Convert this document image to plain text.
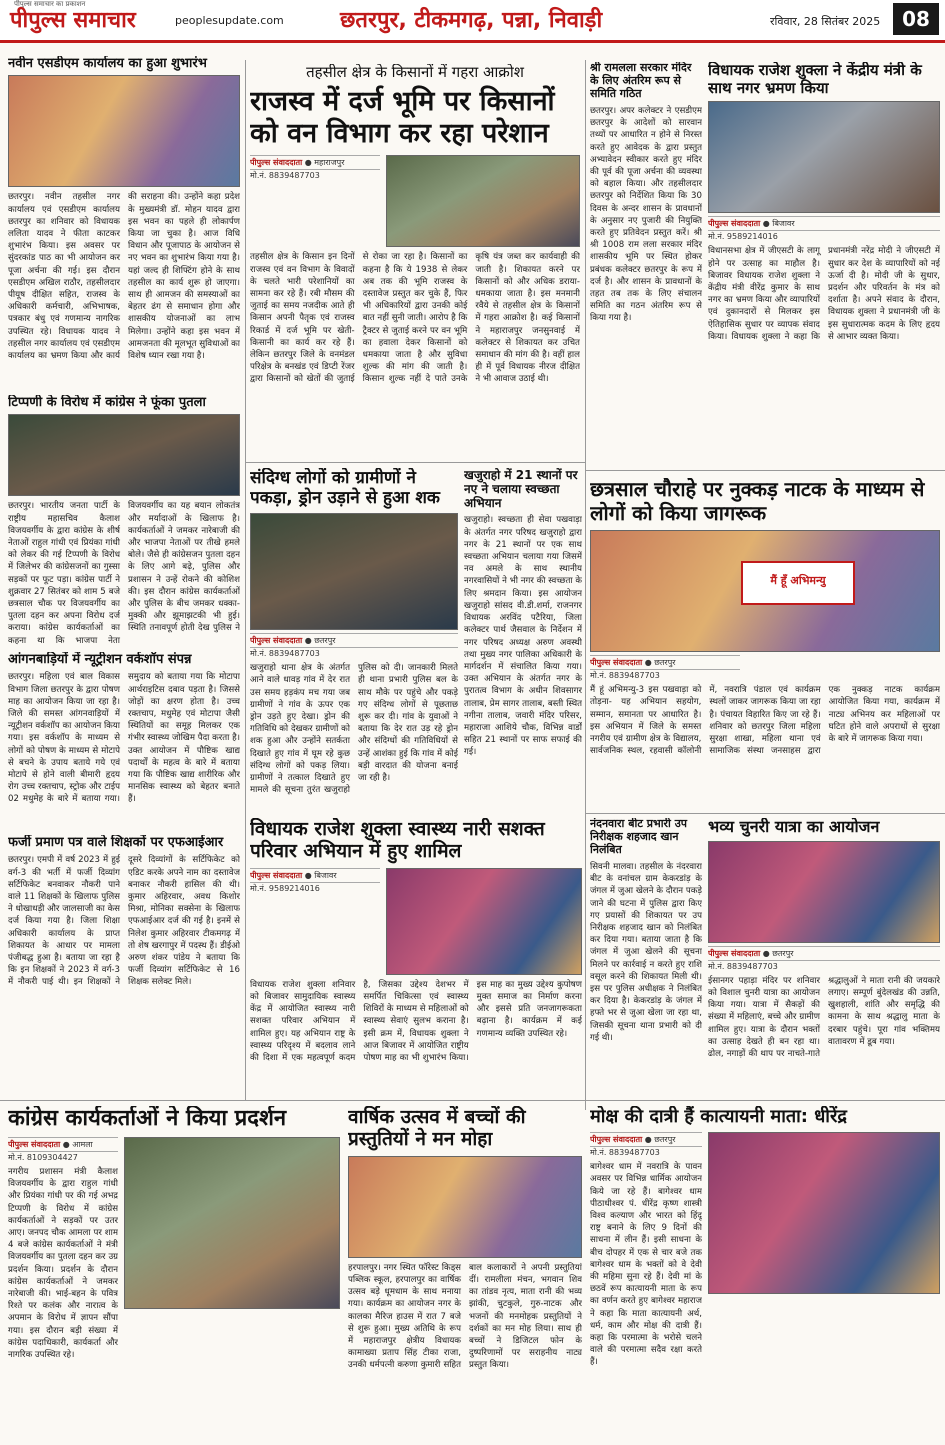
पीपुल्स समाचार का प्रकाशन
पीपुल्स समाचार	peoplesupdate.com	छतरपुर, टीकमगढ़, पन्ना, निवाड़ी	रविवार, 28 सितंबर 2025	08
नवीन एसडीएम कार्यालय का हुआ शुभारंभ
छतरपुर। नवीन तहसील नगर कार्यालय एवं एसडीएम कार्यालय छतरपुर का शनिवार को विधायक ललिता यादव ने फीता काटकर शुभारंभ किया। इस अवसर पर सुंदरकांड पाठ का भी आयोजन कर पूजा अर्चना की गई। इस दौरान एसडीएम अखिल राठौर, तहसीलदार पीयूष दीक्षित सहित, राजस्व के अधिकारी कर्मचारी, अभिभाषक, पत्रकार बंधु एवं गणमान्य नागरिक उपस्थित रहे। विधायक यादव ने तहसील नगर कार्यालय एवं एसडीएम कार्यालय का भ्रमण किया और कार्य की सराहना की। उन्होंने कहा प्रदेश के मुख्यमंत्री डॉ. मोहन यादव द्वारा इस भवन का पहले ही लोकार्पण किया जा चुका है। आज विधि विधान और पूजापाठ के आयोजन से नए भवन का शुभारंभ किया गया है। यहां जल्द ही शिफ्टिंग होने के साथ तहसील का कार्य शुरू हो जाएगा। साथ ही आमजन की समस्याओं का बेहतर ढंग से समाधान होगा और शासकीय योजनाओं का लाभ मिलेगा। उन्होंने कहा इस भवन में आमजनता की मूलभूत सुविधाओं का विशेष ध्यान रखा गया है।
टिप्पणी के विरोध में कांग्रेस ने फूंका पुतला
छतरपुर। भारतीय जनता पार्टी के राष्ट्रीय महासचिव कैलाश विजयवर्गीय के द्वारा कांग्रेस के शीर्ष नेताओं राहुल गांधी एवं प्रियंका गांधी को लेकर की गई टिप्पणी के विरोध में जिलेभर की कांग्रेसजनों का गुस्सा सड़कों पर फूट पड़ा। कांग्रेस पार्टी ने शुक्रवार 27 सितंबर को शाम 5 बजे छत्रसाल चौक पर विजयवर्गीय का पुतला दहन कर अपना विरोध दर्ज कराया। कांग्रेस कार्यकर्ताओं का कहना था कि भाजपा नेता विजयवर्गीय का यह बयान लोकतंत्र और मर्यादाओं के खिलाफ है। कार्यकर्ताओं ने जमकर नारेबाजी की और भाजपा नेताओं पर तीखे हमले बोले। जैसे ही कांग्रेसजन पुतला दहन के लिए आगे बढ़े, पुलिस और प्रशासन ने उन्हें रोकने की कोशिश की। इस दौरान कांग्रेस कार्यकर्ताओं और पुलिस के बीच जमकर धक्का-मुक्की और झूमाझटकी भी हुई। स्थिति तनावपूर्ण होती देख पुलिस ने
आंगनबाड़ियों में न्यूट्रीशन वर्कशॉप संपन्न
छतरपुर। महिला एवं बाल विकास विभाग जिला छतरपुर के द्वारा पोषण माह का आयोजन किया जा रहा है। जिले की समस्त आंगनवाड़ियों में न्यूट्रीशन वर्कशॉप का आयोजन किया गया। इस वर्कशॉप के माध्यम से लोगों को पोषण के माध्यम से मोटापे से बचने के उपाय बताये गये एवं मोटापे से होने वाली बीमारी हृदय रोग उच्च रक्तचाप, स्ट्रोक और टाईप 02 मधुमेह के बारे में बताया गया। समुदाय को बताया गया कि मोटापा आर्थराइटिस दबाव पड़ता है। जिससे जोड़ों का क्षरण होता है। उच्च रक्तचाप, मधुमेह एवं मोटापा जैसी स्थितियों का समूह मिलकर एक गंभीर स्वास्थ्य जोखिम पैदा करता है। उक्त आयोजन में पौष्टिक खाद्य पदार्थों के महत्व के बारे में बताया गया कि पौष्टिक खाद्य शारीरिक और मानसिक स्वास्थ्य को बेहतर बनाते हैं।
फर्जी प्रमाण पत्र वाले शिक्षकों पर एफआईआर
छतरपुर। एमपी में वर्ष 2023 में हुई वर्ग-3 की भर्ती में फर्जी दिव्यांग सर्टिफिकेट बनवाकर नौकरी पाने वाले 11 शिक्षकों के खिलाफ पुलिस ने धोखाधड़ी और जालसाजी का केस दर्ज किया गया है। जिला शिक्षा अधिकारी कार्यालय के प्राप्त शिकायत के आधार पर मामला पंजीबद्ध हुआ है। बताया जा रहा है कि इन शिक्षकों ने 2023 में वर्ग-3 में नौकरी पाई थी। इन शिक्षकों ने दूसरे दिव्यांगों के सर्टिफिकेट को एडिट करके अपने नाम का दस्तावेज बनाकर नौकरी हासिल की थी। कुमार अहिरवार, अवध किशोर मिश्रा, मोनिका सक्सेना के खिलाफ एफआईआर दर्ज की गई है। इनमें से निलेश कुमार अहिरवार टीकमगढ़ में तो शेष खरगापुर में पदस्थ हैं। डीईओ अरुण शंकर पांडेय ने बताया कि फर्जी दिव्यांग सर्टिफिकेट से 16 शिक्षक सलेक्ट मिले।
तहसील क्षेत्र के किसानों में गहरा आक्रोश
राजस्व में दर्ज भूमि पर किसानों को वन विभाग कर रहा परेशान
पीपुल्स संवाददाता ● महाराजपुर
मो.नं. 8839487703
तहसील क्षेत्र के किसान इन दिनों राजस्व एवं वन विभाग के विवादों के चलते भारी परेशानियों का सामना कर रहे हैं। रबी मौसम की जुताई का समय नजदीक आते ही किसान अपनी पैतृक एवं राजस्व रिकार्ड में दर्ज भूमि पर खेती-किसानी का कार्य कर रहे हैं। लेकिन छतरपुर जिले के वनमंडल परिक्षेत्र के बनखंड एवं डिप्टी रेंजर द्वारा किसानों को खेतों की जुताई से रोका जा रहा है। किसानों का कहना है कि ये 1938 से लेकर अब तक की भूमि राजस्व के दस्तावेज प्रस्तुत कर चुके हैं, फिर भी अधिकारियों द्वारा उनकी कोई बात नहीं सुनी जाती। आरोप है कि ट्रैक्टर से जुताई करने पर वन भूमि का हवाला देकर किसानों को धमकाया जाता है और सुविधा शुल्क की मांग की जाती है। किसान शुल्क नहीं दे पाते उनके कृषि यंत्र जब्त कर कार्यवाही की जाती है। शिकायत करने पर किसानों को और अधिक डराया-धमकाया जाता है। इस मनमानी रवैये से तहसील क्षेत्र के किसानों में गहरा आक्रोश है। कई किसानों ने महाराजपुर जनसुनवाई में कलेक्टर से शिकायत कर उचित समाधान की मांग की है। वहीं हाल ही में पूर्व विधायक नीरज दीक्षित ने भी आवाज उठाई थी।
संदिग्ध लोगों को ग्रामीणों ने पकड़ा, ड्रोन उड़ाने से हुआ शक
पीपुल्स संवाददाता ● छतरपुर
मो.नं. 8839487703
खजुराहो थाना क्षेत्र के अंतर्गत आने वाले धावड़ गांव में देर रात उस समय हड़कंप मच गया जब ग्रामीणों ने गांव के ऊपर एक ड्रोन उड़ते हुए देखा। ड्रोन की गतिविधि को देखकर ग्रामीणों को शक हुआ और उन्होंने सतर्कता दिखाते हुए गांव में घूम रहे कुछ संदिग्ध लोगों को पकड़ लिया। ग्रामीणों ने तत्काल दिखाते हुए मामले की सूचना तुरंत खजुराहो पुलिस को दी। जानकारी मिलते ही थाना प्रभारी पुलिस बल के साथ मौके पर पहुंचे और पकड़े गए संदिग्ध लोगों से पूछताछ शुरू कर दी। गांव के युवाओं ने बताया कि देर रात उड़ रहे ड्रोन और संदिग्धों की गतिविधियों से उन्हें आशंका हुई कि गांव में कोई बड़ी वारदात की योजना बनाई जा रही है।
खजुराहो में 21 स्थानों पर नए ने चलाया स्वच्छता अभियान
खजुराहो। स्वच्छता ही सेवा पखवाड़ा के अंतर्गत नगर परिषद खजुराहो द्वारा नगर के 21 स्थानों पर एक साथ स्वच्छता अभियान चलाया गया जिसमें नव अमले के साथ स्थानीय नगरवासियों ने भी नगर की स्वच्छता के लिए श्रमदान किया। इस आयोजन खजुराहो सांसद वी.डी.शर्मा, राजनगर विधायक अरविंद पटैरिया, जिला कलेक्टर पार्थ जैसवाल के निर्देशन में नगर परिषद अध्यक्ष अरुण अवस्थी तथा मुख्य नगर पालिका अधिकारी के मार्गदर्शन में संचालित किया गया। उक्त अभियान के अंतर्गत नगर के पुरातत्व विभाग के अधीन शिवसागर तालाब, प्रेम सागर तालाब, बस्ती स्थित नगीना तालाब, जवारी मंदिर परिसर, महाराजा आशिये चौक, विभिन्न वार्डों सहित 21 स्थानों पर साफ सफाई की गई।
विधायक राजेश शुक्ला स्वास्थ्य नारी सशक्त परिवार अभियान में हुए शामिल
पीपुल्स संवाददाता ● बिजावर
मो.नं. 9589214016
विधायक राजेश शुक्ला शनिवार को बिजावर सामुदायिक स्वास्थ्य केंद्र में आयोजित स्वास्थ्य नारी सशक्त परिवार अभियान में शामिल हुए। यह अभियान राष्ट्र के स्वास्थ्य परिदृश्य में बदलाव लाने की दिशा में एक महत्वपूर्ण कदम है, जिसका उद्देश्य देशभर में समर्पित चिकित्सा एवं स्वास्थ्य शिविरों के माध्यम से महिलाओं को स्वास्थ्य सेवाएं सुलभ कराना है। इसी क्रम में, विधायक शुक्ला ने आज बिजावर में आयोजित राष्ट्रीय पोषण माह का भी शुभारंभ किया। इस माह का मुख्य उद्देश्य कुपोषण मुक्त समाज का निर्माण करना और इससे प्रति जनजागरूकता बढ़ाना है। कार्यक्रम में कई गणमान्य व्यक्ति उपस्थित रहे।
श्री रामलला सरकार मंदिर के लिए अंतरिम रूप से समिति गठित
छतरपुर। अपर कलेक्टर ने एसडीएम छतरपुर के आदेशों को सारवान तथ्यों पर आधारित न होने से निरस्त करते हुए आवेदक के द्वारा प्रस्तुत अभ्यावेदन स्वीकार करते हुए मंदिर की पूर्व की पूजा अर्चना की व्यवस्था को बहाल किया। और तहसीलदार छतरपुर को निर्देशित किया कि 30 दिवस के अन्दर शासन के प्रावधानों के अनुसार नए पुजारी की नियुक्ति करते हुए प्रतिवेदन प्रस्तुत करें। श्री श्री 1008 राम लला सरकार मंदिर शासकीय भूमि पर स्थित होकर प्रबंधक कलेक्टर छतरपुर के रूप में दर्ज है। और शासन के प्रावधानों के तहत तब तक के लिए संचालन समिति का गठन अंतरिम रूप से किया गया है।
विधायक राजेश शुक्ला ने केंद्रीय मंत्री के साथ नगर भ्रमण किया
पीपुल्स संवाददाता ● बिजावर
मो.नं. 9589214016
विधानसभा क्षेत्र में जीएसटी के लागू होने पर उत्साह का माहौल है। बिजावर विधायक राजेश शुक्ला ने केंद्रीय मंत्री वीरेंद्र कुमार के साथ नगर का भ्रमण किया और व्यापारियों एवं दुकानदारों से मिलकर इस ऐतिहासिक सुधार पर व्यापक संवाद किया। विधायक शुक्ला ने कहा कि प्रधानमंत्री नरेंद्र मोदी ने जीएसटी में सुधार कर देश के व्यापारियों को नई ऊर्जा दी है। मोदी जी के सुधार, प्रदर्शन और परिवर्तन के मंत्र को दर्शाता है। अपने संवाद के दौरान, विधायक शुक्ला ने प्रधानमंत्री जी के इस सुधारात्मक कदम के लिए हृदय से आभार व्यक्त किया।
छत्रसाल चौराहे पर नुक्कड़ नाटक के माध्यम से लोगों को किया जागरूक
मैं हूँ अभिमन्यु
पीपुल्स संवाददाता ● छतरपुर
मो.नं. 8839487703
मैं हूं अभिमन्यु-3 इस पखवाड़ा को तोड़ना- यह अभियान सहयोग, सम्मान, समानता पर आधारित है। इस अभियान में जिले के समस्त नगरीय एवं ग्रामीण क्षेत्र के विद्यालय, सार्वजनिक स्थल, रहवासी कॉलोनी में, नवरात्रि पंडाल एवं कार्यक्रम स्थलों जाकर जागरूक किया जा रहा है। पंचायत विहारित किए जा रहे हैं। शनिवार को छतरपुर जिला महिला सुरक्षा शाखा, महिला थाना एवं सामाजिक संस्था जनसाहस द्वारा एक नुक्कड़ नाटक कार्यक्रम आयोजित किया गया, कार्यक्रम में नाट्य अभिनय कर महिलाओं पर घटित होने वाले अपराधों से सुरक्षा के बारे में जागरूक किया गया।
नंदनवारा बीट प्रभारी उप निरीक्षक शहजाद खान निलंबित
सिवनी मालवा। तहसील के नंदरवारा बीट के वनांचल ग्राम केकरडांड़ के जंगल में जुआ खेलने के दौरान पकड़े जाने की घटना में पुलिस द्वारा किए गए प्रयासों की शिकायत पर उप निरीक्षक शहजाद खान को निलंबित कर दिया गया। बताया जाता है कि जंगल में जुआ खेलने की सूचना मिलने पर कार्रवाई न करते हुए राशि वसूल करने की शिकायत मिली थी। इस पर पुलिस अधीक्षक ने निलंबित कर दिया है। केकरडांड़ के जंगल में हफ्ते भर से जुआ खेला जा रहा था, जिसकी सूचना थाना प्रभारी को दी गई थी।
भव्य चुनरी यात्रा का आयोजन
पीपुल्स संवाददाता ● छतरपुर
मो.नं. 8839487703
ईसानगर पहाड़ा मंदिर पर शनिवार को विशाल चुनरी यात्रा का आयोजन किया गया। यात्रा में सैकड़ों की संख्या में महिलाएं, बच्चे और ग्रामीण शामिल हुए। यात्रा के दौरान भक्तों का उत्साह देखते ही बन रहा था। ढोल, नगाड़ों की थाप पर नाचते-गाते श्रद्धालुओं ने माता रानी की जयकारे लगाए। सम्पूर्ण बुंदेलखंड की उन्नति, खुशहाली, शांति और समृद्धि की कामना के साथ श्रद्धालु माता के दरबार पहुंचे। पूरा गांव भक्तिमय वातावरण में डूब गया।
कांग्रेस कार्यकर्ताओं ने किया प्रदर्शन
पीपुल्स संवाददाता ● आमला
मो.नं. 8109304427
नगरीय प्रशासन मंत्री कैलाश विजयवर्गीय के द्वारा राहुल गांधी और प्रियंका गांधी पर की गई अभद्र टिप्पणी के विरोध में कांग्रेस कार्यकर्ताओं ने सड़कों पर उतर आए। जनपद चौक आमला पर शाम 4 बजे कांग्रेस कार्यकर्ताओं ने मंत्री विजयवर्गीय का पुतला दहन कर उग्र प्रदर्शन किया। प्रदर्शन के दौरान कांग्रेस कार्यकर्ताओं ने जमकर नारेबाजी की। भाई-बहन के पवित्र रिश्ते पर कलंक और नारात्व के अपमान के विरोध में ज्ञापन सौंपा गया। इस दौरान बड़ी संख्या में कांग्रेस पदाधिकारी, कार्यकर्ता और नागरिक उपस्थित रहे।
वार्षिक उत्सव में बच्चों की प्रस्तुतियों ने मन मोहा
हरपालपुर। नगर स्थित फॉरेस्ट किड्स पब्लिक स्कूल, हरपालपुर का वार्षिक उत्सव बड़े धूमधाम के साथ मनाया गया। कार्यक्रम का आयोजन नगर के कालका मैरिज हाउस में रात 7 बजे से शुरू हुआ। मुख्य अतिथि के रूप में महाराजपुर क्षेत्रीय विधायक कामाख्या प्रताप सिंह टीका राजा, उनकी धर्मपत्नी करुणा कुमारी सहित बाल कलाकारों ने अपनी प्रस्तुतियां दीं। रामलीला मंचन, भगवान शिव का तांडव नृत्य, माता रानी की भव्य झांकी, चुटकुले, गुरु-नाटक और भजनों की मनमोहक प्रस्तुतियों ने दर्शकों का मन मोह लिया। साथ ही बच्चों ने डिजिटल फोन के दुष्परिणामों पर सराहनीय नाट्य प्रस्तुत किया।
मोक्ष की दात्री हैं कात्यायनी माता: धीरेंद्र
पीपुल्स संवाददाता ● छतरपुर
मो.नं. 8839487703
बागेश्वर धाम में नवरात्रि के पावन अवसर पर विभिन्न धार्मिक आयोजन किये जा रहे हैं। बागेश्वर धाम पीठाधीश्वर पं. धीरेंद्र कृष्ण शास्त्री विश्व कल्याण और भारत को हिंदू राष्ट्र बनाने के लिए 9 दिनों की साधना में लीन हैं। इसी साधना के बीच दोपहर में एक से चार बजे तक बागेश्वर धाम के भक्तों को वे देवी की महिमा सुना रहे हैं। देवी मां के छठवें रूप कात्यायनी माता के रूप का वर्णन करते हुए बागेश्वर महाराज ने कहा कि माता कात्यायनी अर्थ, धर्म, काम और मोक्ष की दात्री हैं। कहा कि परमात्मा के भरोसे चलने वाले की परमात्मा सदैव रक्षा करते हैं।
